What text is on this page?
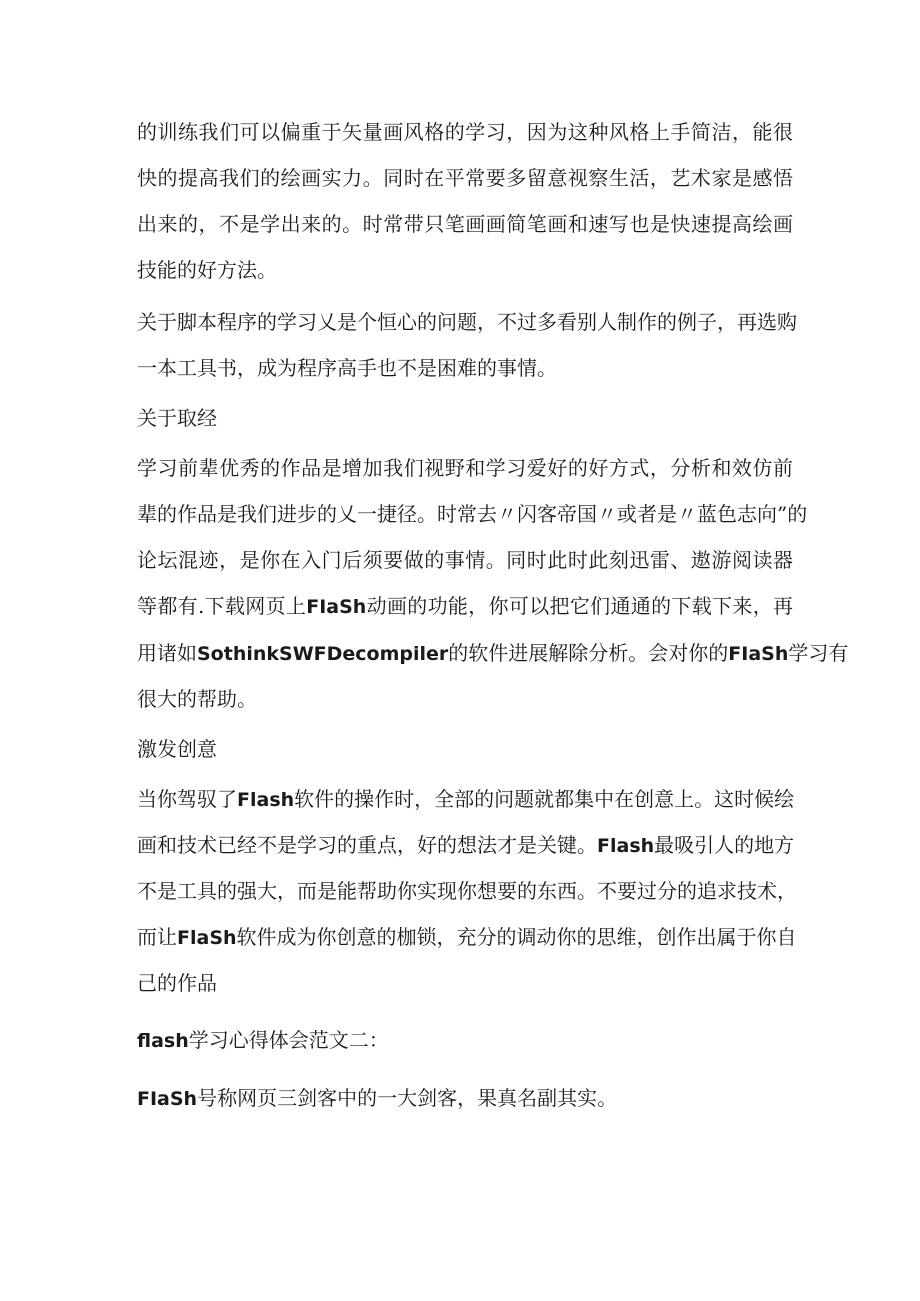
的训练我们可以偏重于矢量画风格的学习，因为这种风格上手简洁，能很
快的提高我们的绘画实力。同时在平常要多留意视察生活，艺术家是感悟
出来的，不是学出来的。时常带只笔画画简笔画和速写也是快速提高绘画
技能的好方法。
关于脚本程序的学习乂是个恒心的问题，不过多看别人制作的例子，再选购
一本工具书，成为程序高手也不是困难的事情。
关于取经
学习前辈优秀的作品是增加我们视野和学习爱好的好方式，分析和效仿前
辈的作品是我们进步的乂一捷径。时常去〃闪客帝国〃或者是〃蓝色志向”的
论坛混迹，是你在入门后须要做的事情。同时此时此刻迅雷、遨游阅读器
等都有.下载网页上FIaSh动画的功能，你可以把它们通通的下载下来，再
用诸如SothinkSWFDecompiler的软件进展解除分析。会对你的FIaSh学习有
很大的帮助。
激发创意
当你驾驭了Flash软件的操作时，全部的问题就都集中在创意上。这时候绘
画和技术已经不是学习的重点，好的想法才是关键。Flash最吸引人的地方
不是工具的强大，而是能帮助你实现你想要的东西。不要过分的追求技术，
而让FlaSh软件成为你创意的枷锁，充分的调动你的思维，创作出属于你自
己的作品
flash学习心得体会范文二：
FIaSh号称网页三剑客中的一大剑客，果真名副其实。
